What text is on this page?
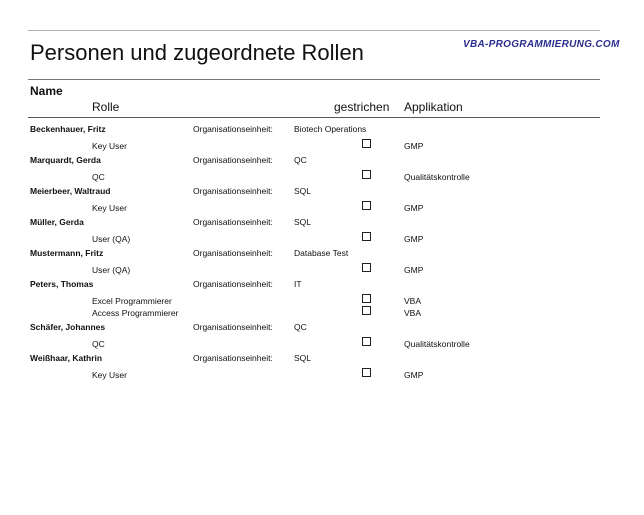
Personen und zugeordnete Rollen	VBA-PROGRAMMIERUNG.COM
Name
Rolle	gestrichen Applikation
Beckenhauer, Fritz	Organisationseinheit: Biotech Operations
Key User	GMP
Marquardt, Gerda	Organisationseinheit: QC
QC	Qualitätskontrolle
Meierbeer, Waltraud	Organisationseinheit: SQL
Key User	GMP
Müller, Gerda	Organisationseinheit: SQL
User (QA)	GMP
Mustermann, Fritz	Organisationseinheit: Database Test
User (QA)	GMP
Peters, Thomas	Organisationseinheit: IT
Excel Programmierer	VBA
Access Programmierer	VBA
Schäfer, Johannes	Organisationseinheit: QC
QC	Qualitätskontrolle
Weißhaar, Kathrin	Organisationseinheit: SQL
Key User	GMP
